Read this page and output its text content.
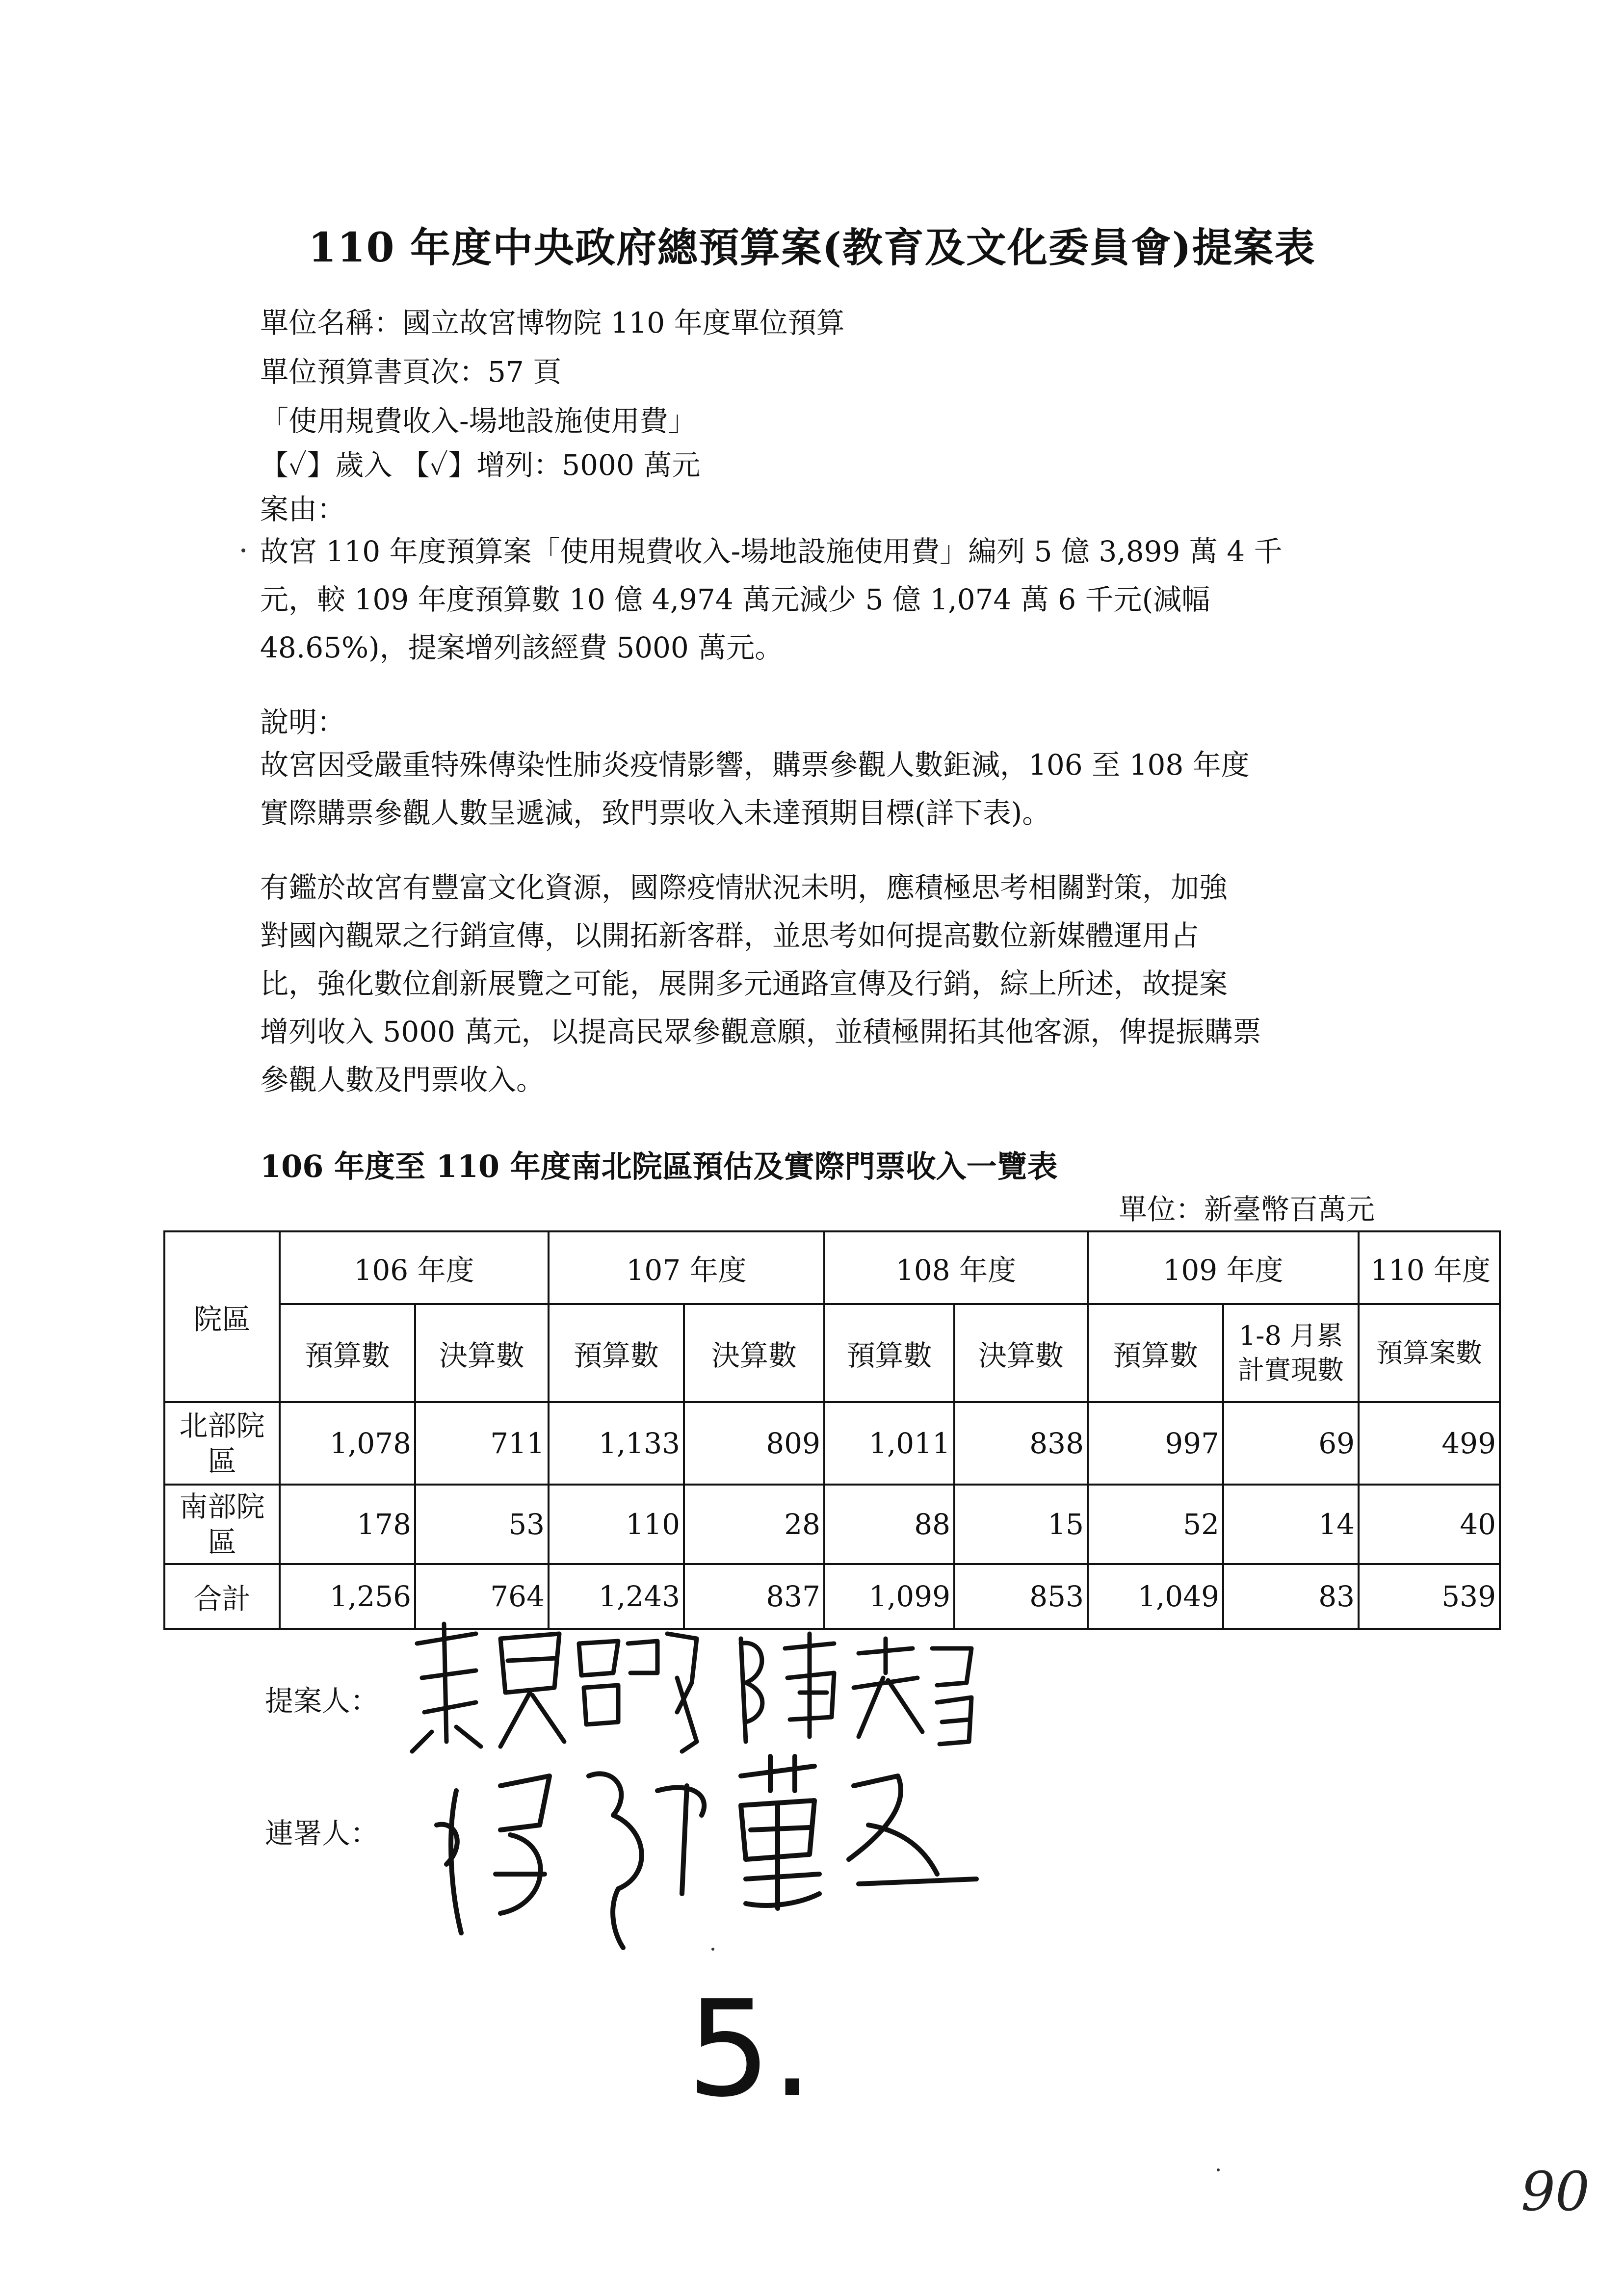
110 年度中央政府總預算案(教育及文化委員會)提案表
單位名稱：國立故宮博物院 110 年度單位預算
單位預算書頁次：57 頁
「使用規費收入-場地設施使用費」
【✓】歲入 【✓】增列：5000 萬元
案由：
故宮 110 年度預算案「使用規費收入-場地設施使用費」編列 5 億 3,899 萬 4 千
元，較 109 年度預算數 10 億 4,974 萬元減少 5 億 1,074 萬 6 千元(減幅
48.65%)，提案增列該經費 5000 萬元。
說明：
故宮因受嚴重特殊傳染性肺炎疫情影響，購票參觀人數鉅減，106 至 108 年度
實際購票參觀人數呈遞減，致門票收入未達預期目標(詳下表)。
有鑑於故宮有豐富文化資源，國際疫情狀況未明，應積極思考相關對策，加強
對國內觀眾之行銷宣傳，以開拓新客群，並思考如何提高數位新媒體運用占
比，強化數位創新展覽之可能，展開多元通路宣傳及行銷，綜上所述，故提案
增列收入 5000 萬元，以提高民眾參觀意願，並積極開拓其他客源，俾提振購票
參觀人數及門票收入。
106 年度至 110 年度南北院區預估及實際門票收入一覽表
單位：新臺幣百萬元
院區	106 年度		107 年度		108 年度		109 年度		110 年度
	預算數	決算數	預算數	決算數	預算數	決算數	預算數	1-8 月累計實現數	預算案數
北部院區	1,078	711	1,133	809	1,011	838	997	69	499
南部院區	178	53	110	28	88	15	52	14	40
合計	1,256	764	1,243	837	1,099	853	1,049	83	539
提案人：
連署人：
5.
90
